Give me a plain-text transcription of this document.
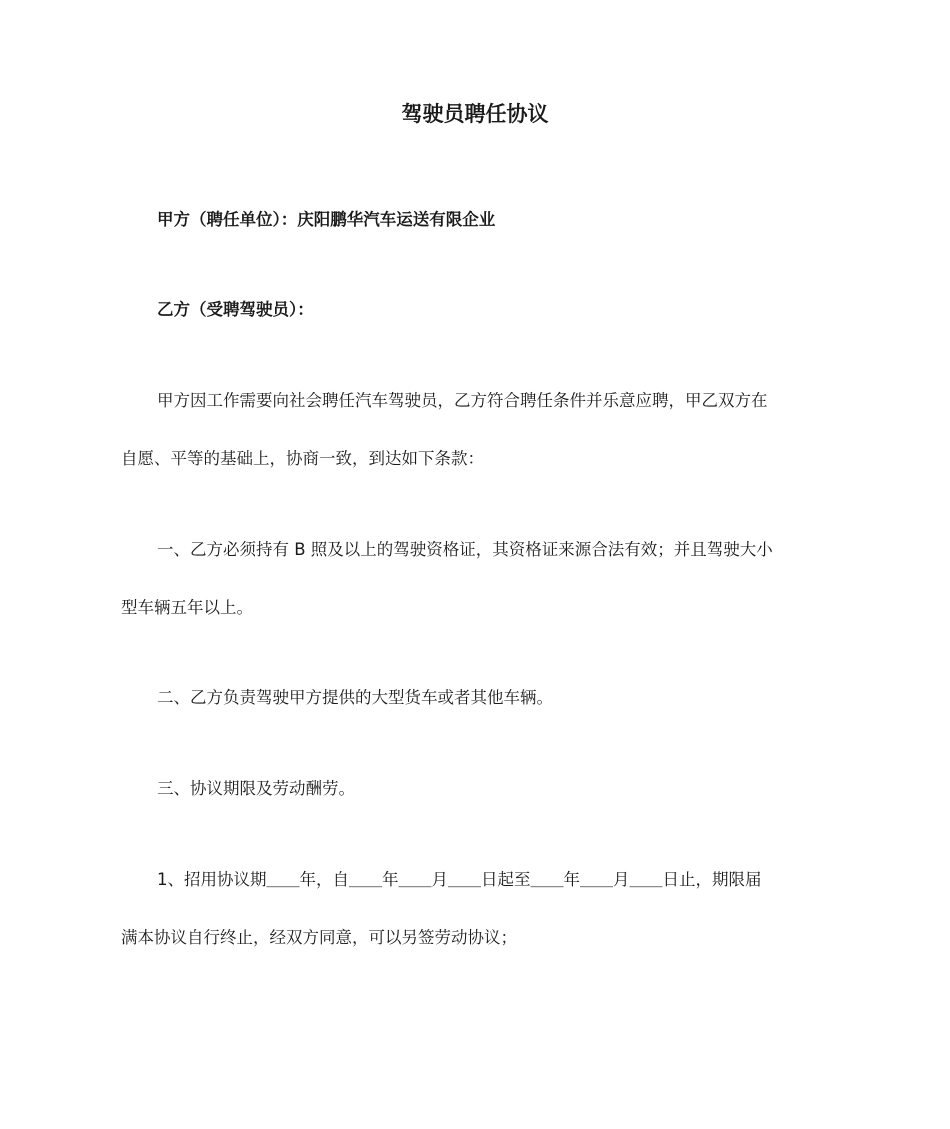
驾驶员聘任协议

甲方（聘任单位）：庆阳鹏华汽车运送有限企业

乙方（受聘驾驶员）：

甲方因工作需要向社会聘任汽车驾驶员，乙方符合聘任条件并乐意应聘，甲乙双方在
自愿、平等的基础上，协商一致，到达如下条款：

一、乙方必须持有 B 照及以上的驾驶资格证，其资格证来源合法有效；并且驾驶大小
型车辆五年以上。

二、乙方负责驾驶甲方提供的大型货车或者其他车辆。

三、协议期限及劳动酬劳。

1、招用协议期＿＿年，自＿＿年＿＿月＿＿日起至＿＿年＿＿月＿＿日止，期限届
满本协议自行终止，经双方同意，可以另签劳动协议；
